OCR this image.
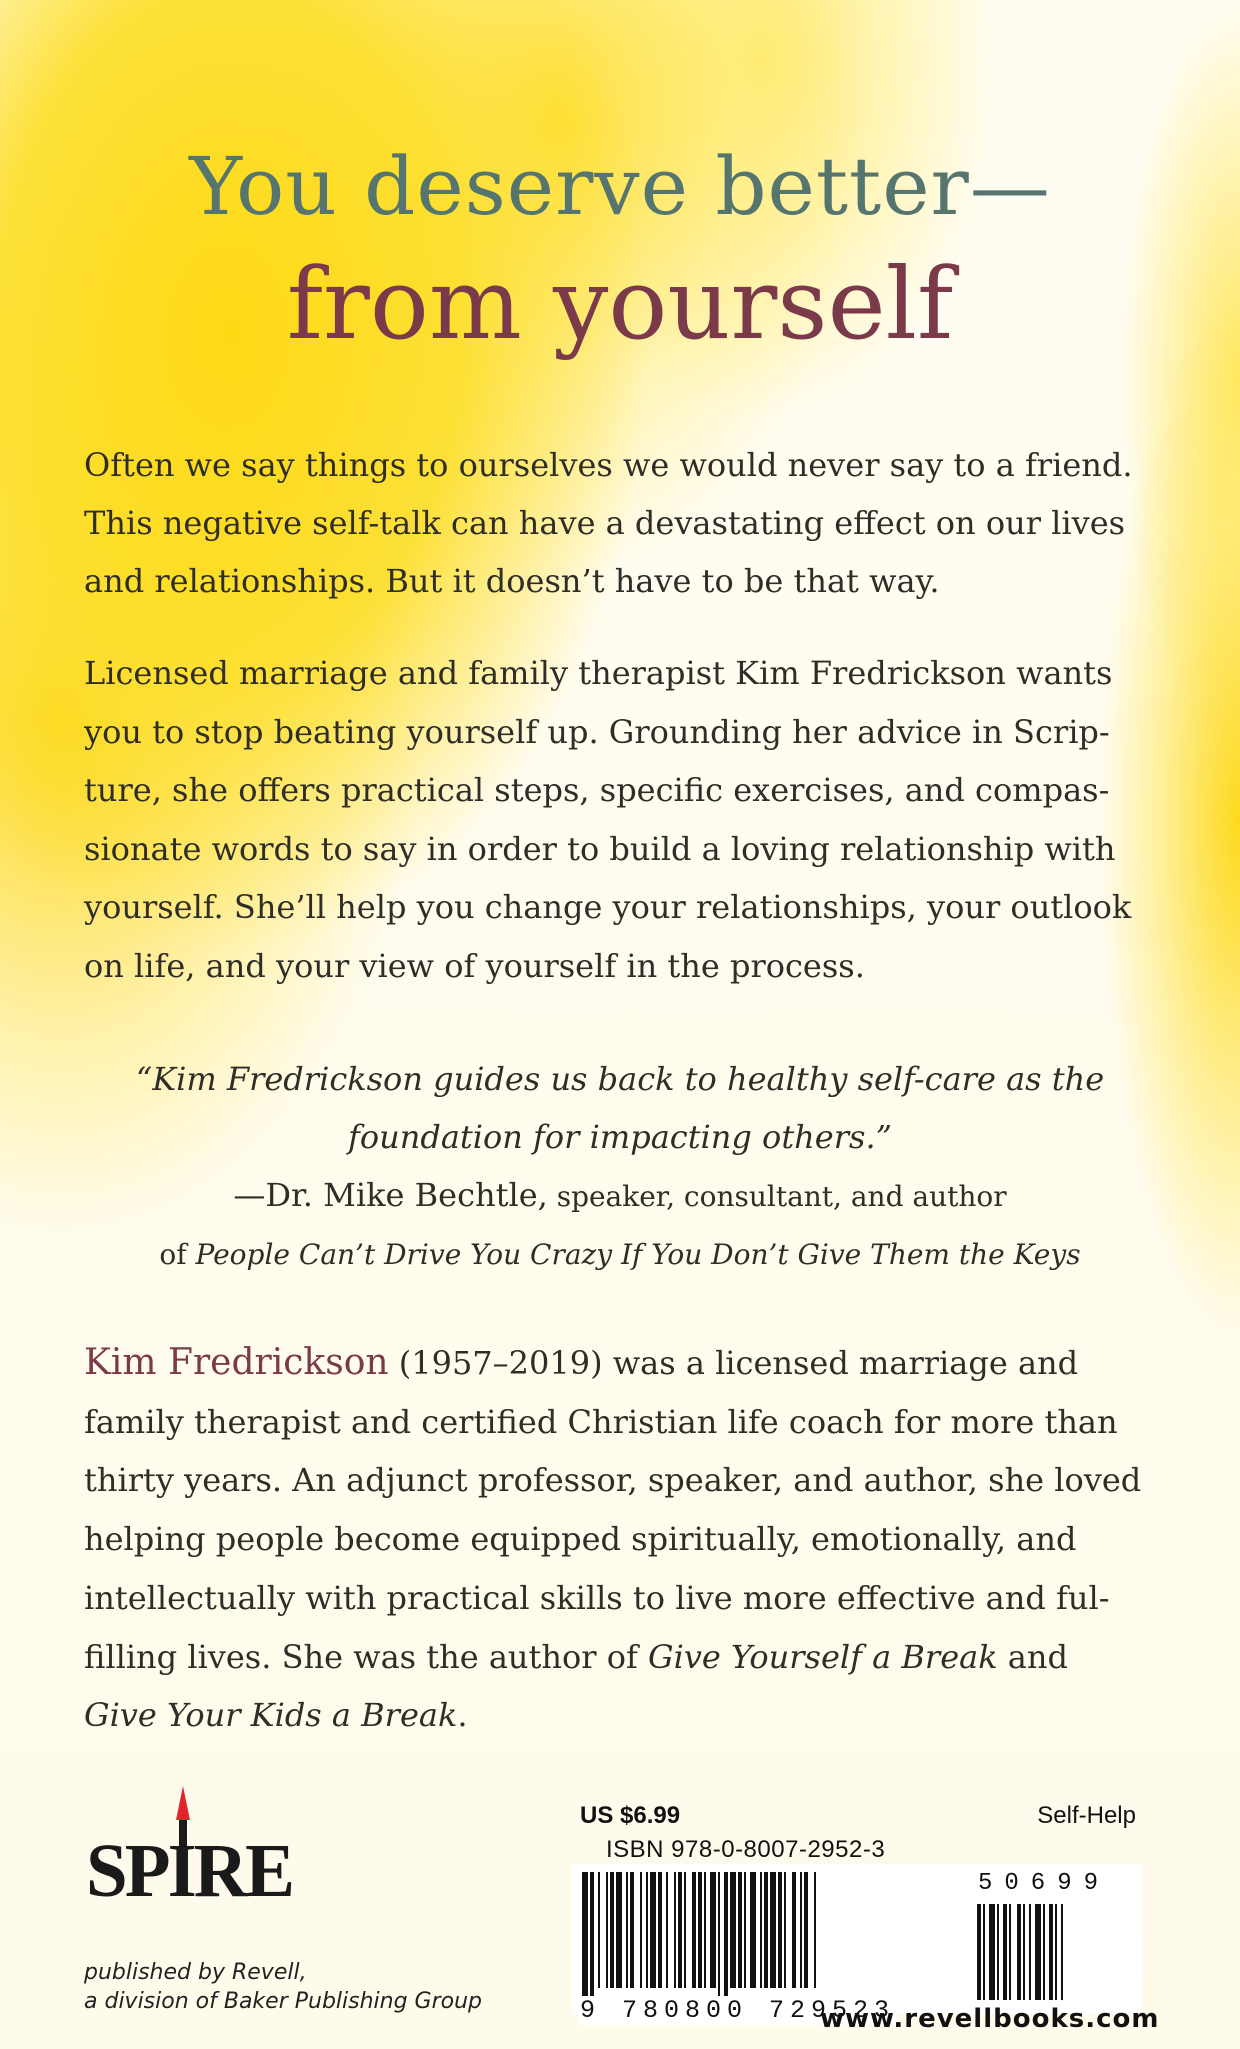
You deserve better—
from yourself

Often we say things to ourselves we would never say to a friend. This negative self-talk can have a devastating effect on our lives and relationships. But it doesn’t have to be that way.

Licensed marriage and family therapist Kim Fredrickson wants you to stop beating yourself up. Grounding her advice in Scrip-ture, she offers practical steps, specific exercises, and compas-sionate words to say in order to build a loving relationship with yourself. She’ll help you change your relationships, your outlook on life, and your view of yourself in the process.

“Kim Fredrickson guides us back to healthy self-care as the foundation for impacting others.”

—Dr. Mike Bechtle, speaker, consultant, and author
of People Can’t Drive You Crazy If You Don’t Give Them the Keys

Kim Fredrickson (1957–2019) was a licensed marriage and family therapist and certified Christian life coach for more than thirty years. An adjunct professor, speaker, and author, she loved helping people become equipped spiritually, emotionally, and intellectually with practical skills to live more effective and ful-filling lives. She was the author of Give Yourself a Break and Give Your Kids a Break.

SPIRE
published by Revell,
a division of Baker Publishing Group
US $6.99	Self-Help
ISBN 978-0-8007-2952-3
50699
9 780800 729523
www.revellbooks.com
